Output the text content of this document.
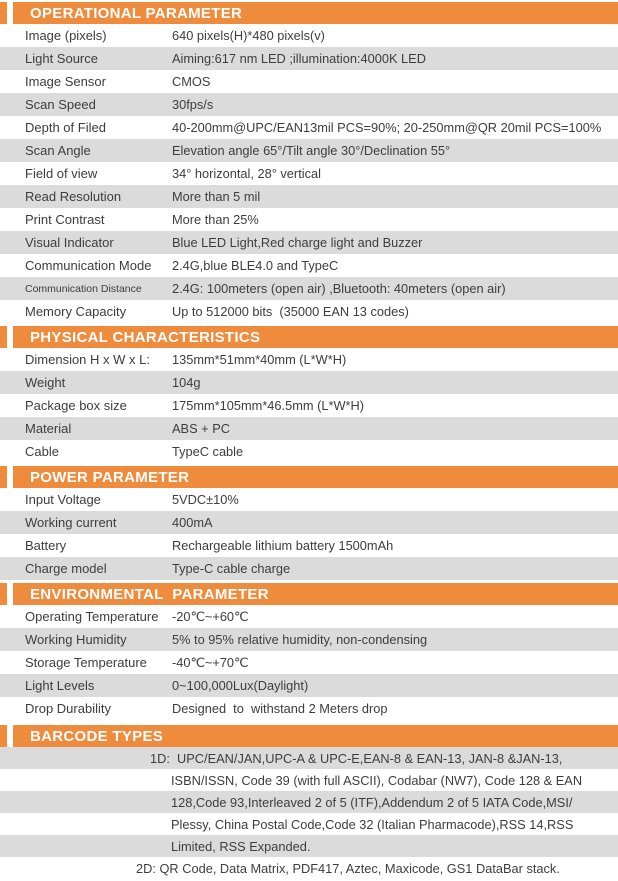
OPERATIONAL PARAMETER
Image (pixels)	640 pixels(H)*480 pixels(v)
Light Source	Aiming:617 nm LED ;illumination:4000K LED
Image Sensor	CMOS
Scan Speed	30fps/s
Depth of Filed	40-200mm@UPC/EAN13mil PCS=90%; 20-250mm@QR 20mil PCS=100%
Scan Angle	Elevation angle 65°/Tilt angle 30°/Declination 55°
Field of view	34° horizontal, 28° vertical
Read Resolution	More than 5 mil
Print Contrast	More than 25%
Visual Indicator	Blue LED Light,Red charge light and Buzzer
Communication Mode	2.4G,blue BLE4.0 and TypeC
Communication Distance	2.4G: 100meters (open air) ,Bluetooth: 40meters (open air)
Memory Capacity	Up to 512000 bits  (35000 EAN 13 codes)
PHYSICAL CHARACTERISTICS
Dimension H x W x L:	135mm*51mm*40mm (L*W*H)
Weight	104g
Package box size	175mm*105mm*46.5mm (L*W*H)
Material	ABS + PC
Cable	TypeC cable
POWER PARAMETER
Input Voltage	5VDC±10%
Working current	400mA
Battery	Rechargeable lithium battery 1500mAh
Charge model	Type-C cable charge
ENVIRONMENTAL  PARAMETER
Operating Temperature	-20℃~+60℃
Working Humidity	5% to 95% relative humidity, non-condensing
Storage Temperature	-40℃~+70℃
Light Levels	0~100,000Lux(Daylight)
Drop Durability	Designed  to  withstand 2 Meters drop
BARCODE TYPES
1D:  UPC/EAN/JAN,UPC-A & UPC-E,EAN-8 & EAN-13, JAN-8 &JAN-13,
ISBN/ISSN, Code 39 (with full ASCII), Codabar (NW7), Code 128 & EAN
128,Code 93,Interleaved 2 of 5 (ITF),Addendum 2 of 5 IATA Code,MSI/
Plessy, China Postal Code,Code 32 (Italian Pharmacode),RSS 14,RSS
Limited, RSS Expanded.
2D: QR Code, Data Matrix, PDF417, Aztec, Maxicode, GS1 DataBar stack.
